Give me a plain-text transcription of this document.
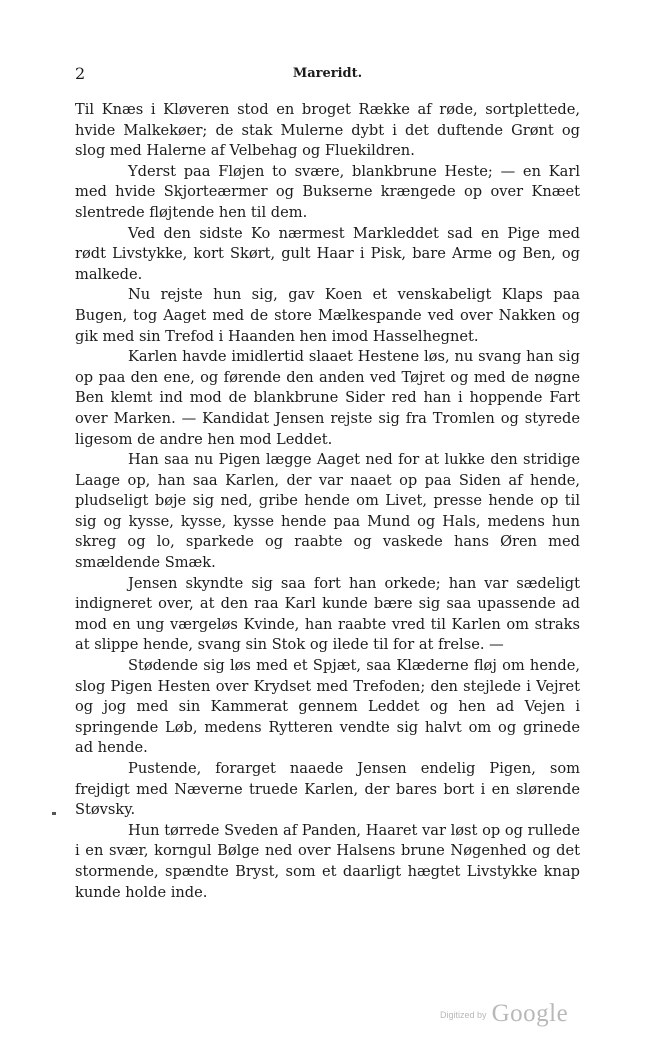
2	Mareridt.

Til Knæs i Kløveren stod en broget Række af røde, sortplettede, hvide Malkekøer; de stak Mulerne dybt i det duftende Grønt og slog med Halerne af Velbehag og Fluekildren.

Yderst paa Fløjen to svære, blankbrune Heste; — en Karl med hvide Skjorteærmer og Bukserne krængede op over Knæet slentrede fløjtende hen til dem.

Ved den sidste Ko nærmest Markleddet sad en Pige med rødt Livstykke, kort Skørt, gult Haar i Pisk, bare Arme og Ben, og malkede.

Nu rejste hun sig, gav Koen et venskabeligt Klaps paa Bugen, tog Aaget med de store Mælkespande ved over Nakken og gik med sin Trefod i Haanden hen imod Hasselhegnet.

Karlen havde imidlertid slaaet Hestene løs, nu svang han sig op paa den ene, og førende den anden ved Tøjret og med de nøgne Ben klemt ind mod de blankbrune Sider red han i hoppende Fart over Marken. — Kandidat Jensen rejste sig fra Tromlen og styrede ligesom de andre hen mod Leddet.

Han saa nu Pigen lægge Aaget ned for at lukke den stridige Laage op, han saa Karlen, der var naaet op paa Siden af hende, pludseligt bøje sig ned, gribe hende om Livet, presse hende op til sig og kysse, kysse, kysse hende paa Mund og Hals, medens hun skreg og lo, sparkede og raabte og vaskede hans Øren med smældende Smæk.

Jensen skyndte sig saa fort han orkede; han var sædeligt indigneret over, at den raa Karl kunde bære sig saa upassende ad mod en ung værgeløs Kvinde, han raabte vred til Karlen om straks at slippe hende, svang sin Stok og ilede til for at frelse. —

Stødende sig løs med et Spjæt, saa Klæderne fløj om hende, slog Pigen Hesten over Krydset med Trefoden; den stejlede i Vejret og jog med sin Kammerat gennem Leddet og hen ad Vejen i springende Løb, medens Rytteren vendte sig halvt om og grinede ad hende.

Pustende, forarget naaede Jensen endelig Pigen, som frejdigt med Næverne truede Karlen, der bares bort i en slørende Støvsky.

Hun tørrede Sveden af Panden, Haaret var løst op og rullede i en svær, korngul Bølge ned over Halsens brune Nøgenhed og det stormende, spændte Bryst, som et daarligt hægtet Livstykke knap kunde holde inde.

Digitized by Google
